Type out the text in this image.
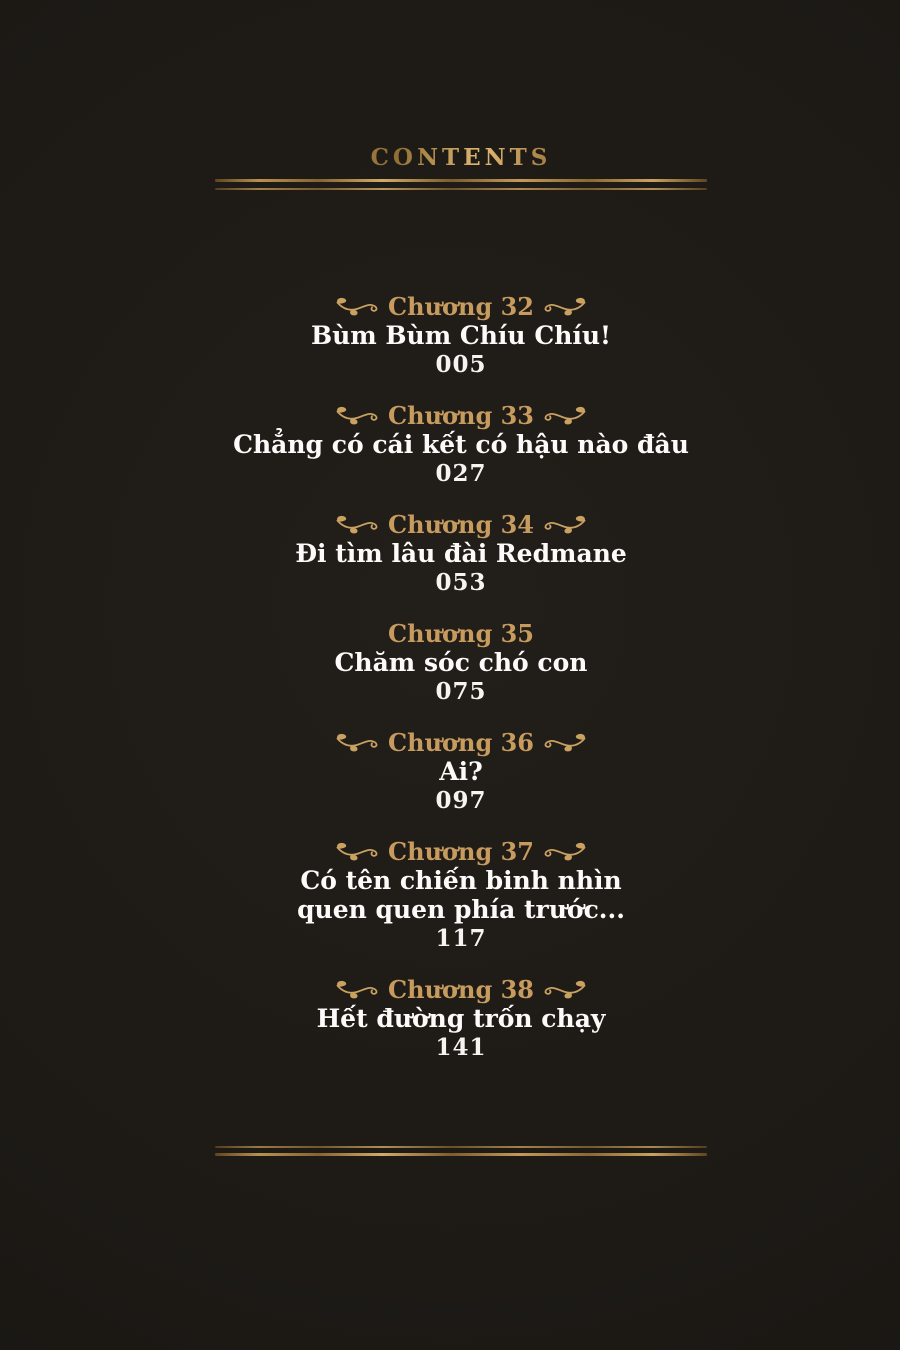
CONTENTS
Chương 32
Bùm Bùm Chíu Chíu!
005
Chương 33
Chẳng có cái kết có hậu nào đâu
027
Chương 34
Đi tìm lâu đài Redmane
053
Chương 35
Chăm sóc chó con
075
Chương 36
Ai?
097
Chương 37
Có tên chiến binh nhìn
quen quen phía trước...
117
Chương 38
Hết đường trốn chạy
141
